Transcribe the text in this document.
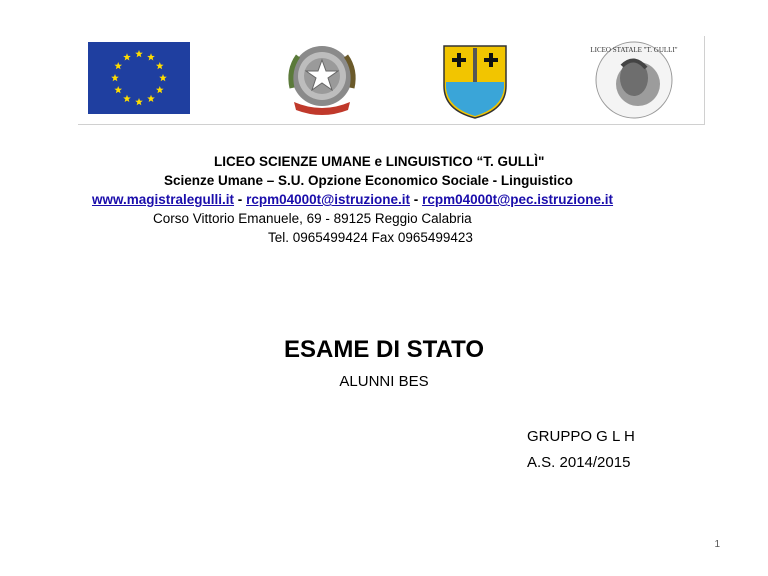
LICEO STATALE "T. GULLI"
LICEO SCIENZE UMANE e LINGUISTICO “T. GULLÌ"
Scienze Umane – S.U. Opzione Economico Sociale - Linguistico
www.magistralegulli.it - rcpm04000t@istruzione.it - rcpm04000t@pec.istruzione.it
Corso Vittorio Emanuele, 69 - 89125 Reggio Calabria
Tel. 0965499424 Fax 0965499423
ESAME DI STATO
ALUNNI BES
GRUPPO G L H
A.S. 2014/2015
1
